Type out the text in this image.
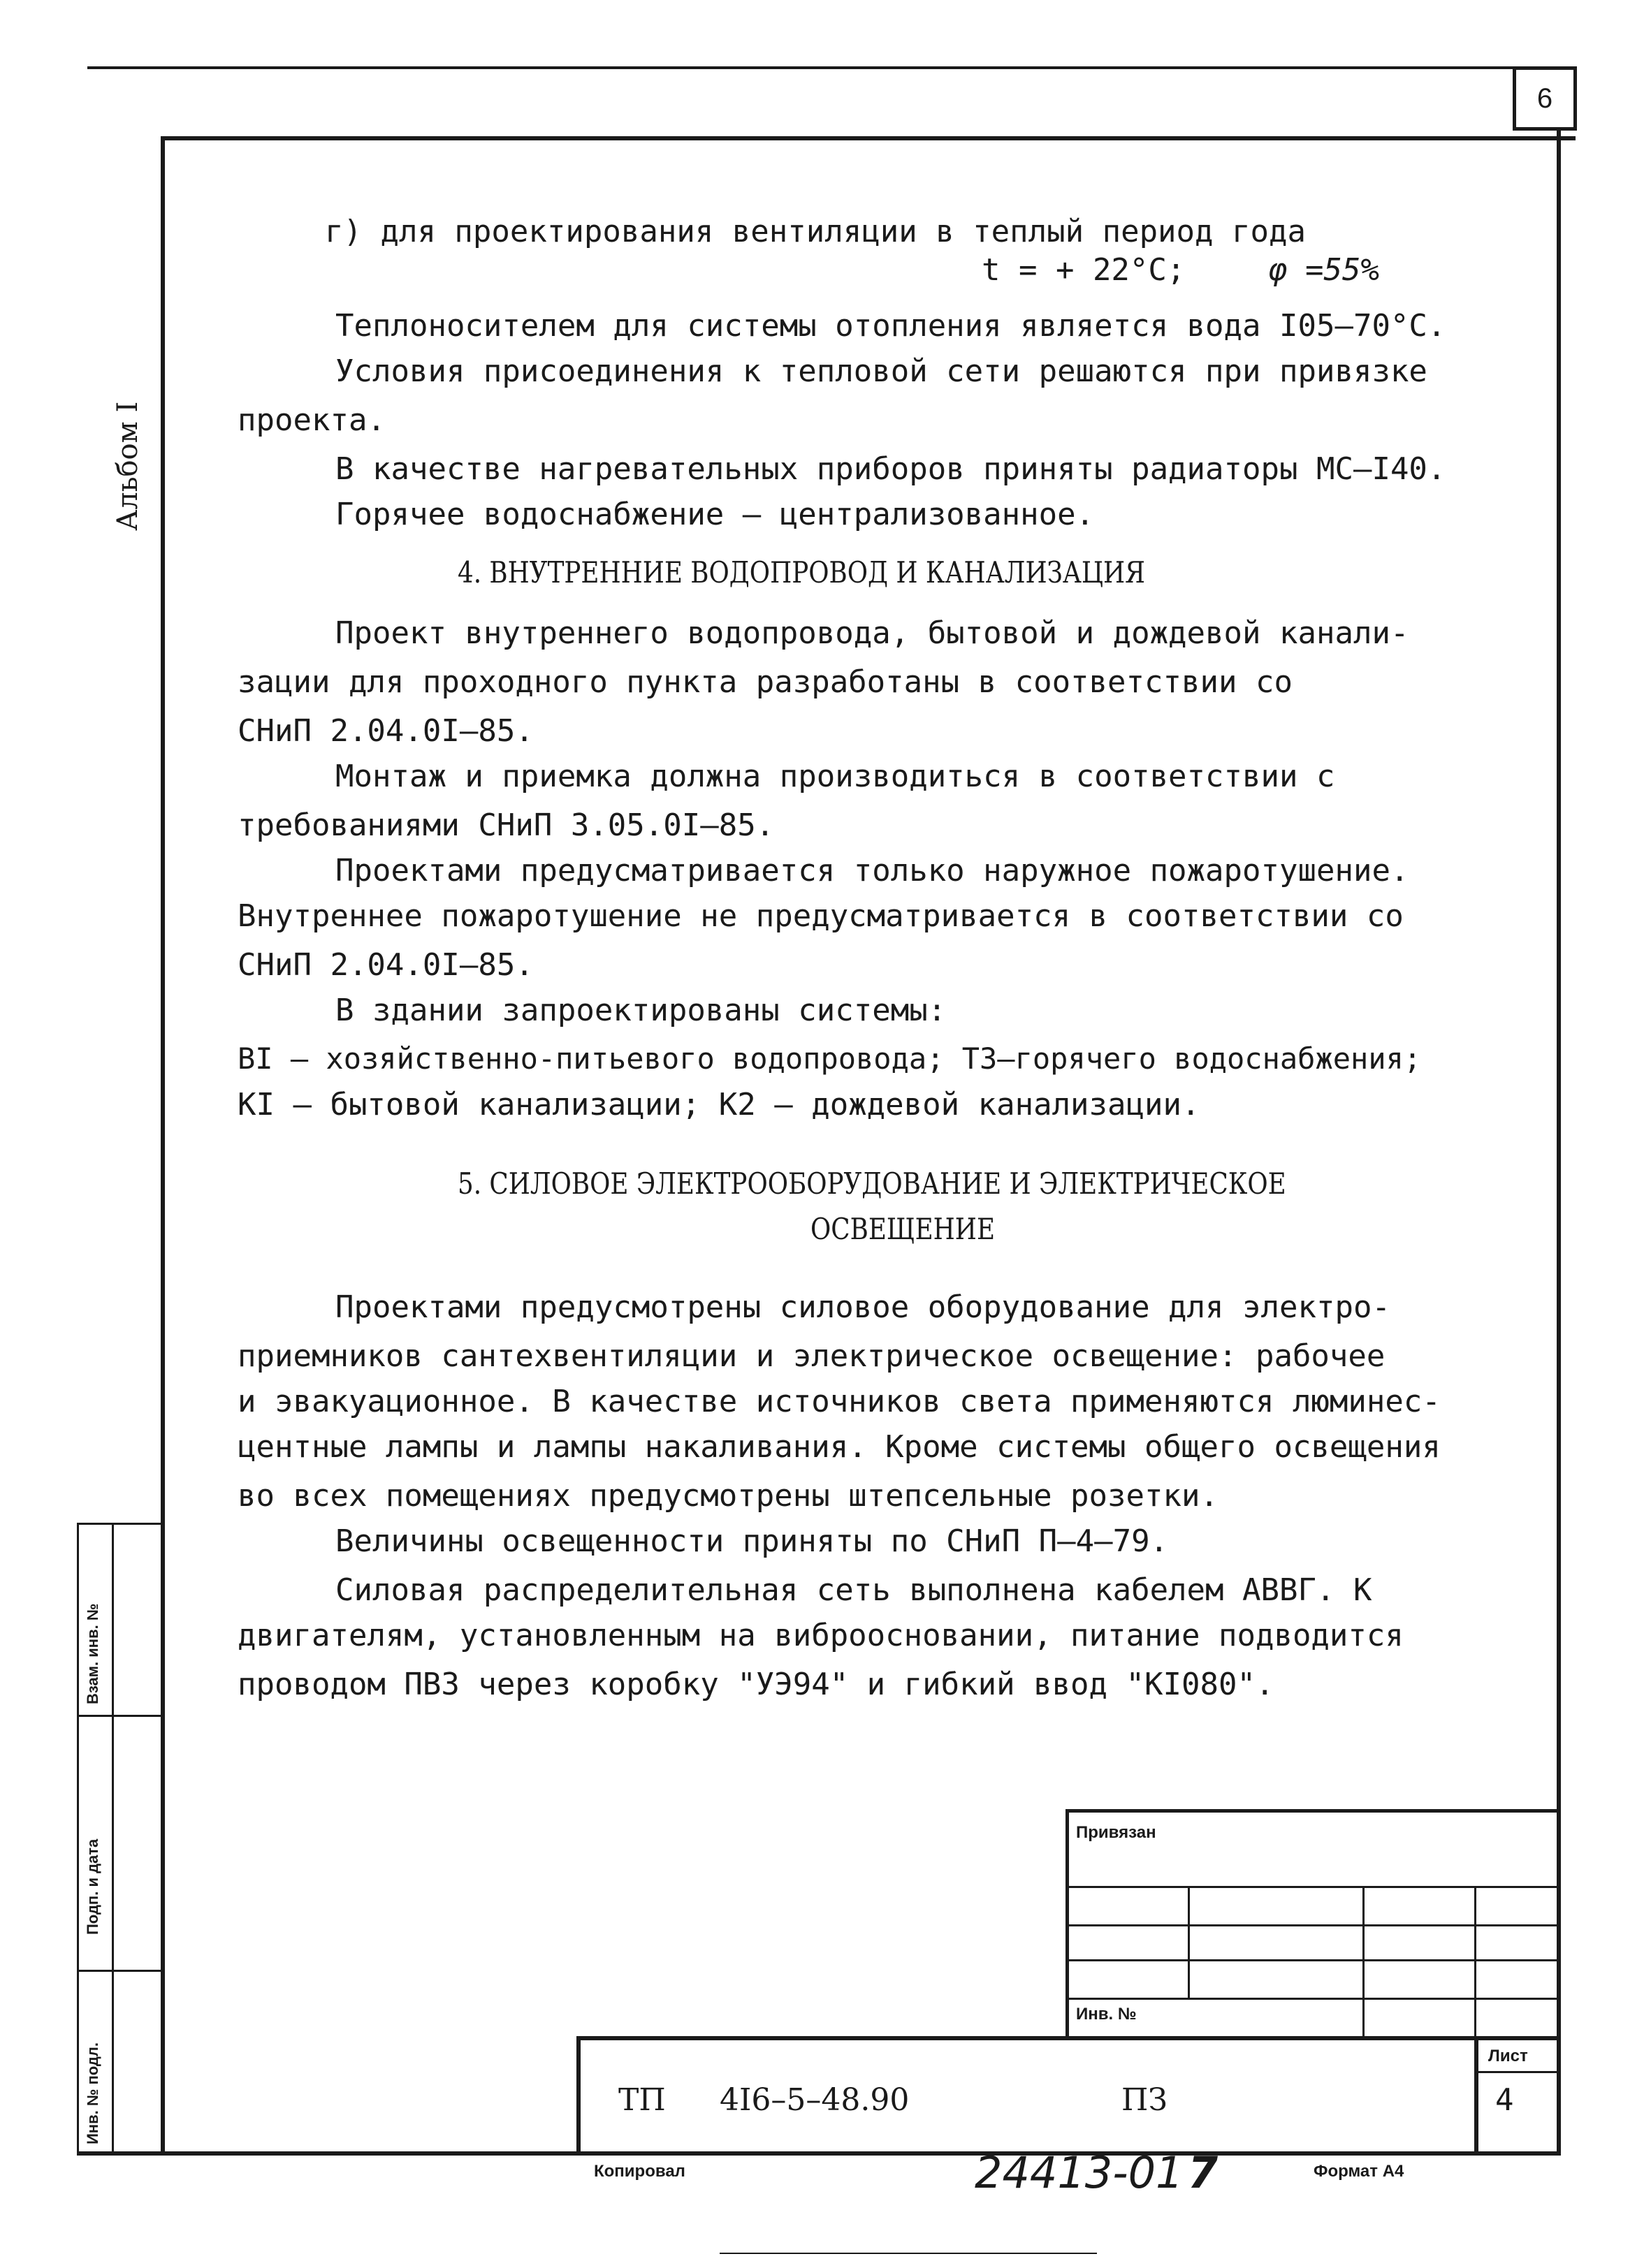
6
Альбом I
Взам. инв. №
Подп. и дата
Инв. № подл.
г) для проектирования вентиляции в теплый период года
t = + 22°C;	φ =55%
Теплоносителем для системы отопления является вода I05–70°C.
Условия присоединения к тепловой сети решаются при привязке
проекта.
В качестве нагревательных приборов приняты радиаторы МС–I40.
Горячее водоснабжение – централизованное.
4. ВНУТРЕННИЕ ВОДОПРОВОД И КАНАЛИЗАЦИЯ
Проект внутреннего водопровода, бытовой и дождевой канали-
зации для проходного пункта разработаны в соответствии со
СНиП 2.04.0I–85.
Монтаж и приемка должна производиться в соответствии с
требованиями СНиП 3.05.0I–85.
Проектами предусматривается только наружное пожаротушение.
Внутреннее пожаротушение не предусматривается в соответствии со
СНиП 2.04.0I–85.
В здании запроектированы системы:
BI – хозяйственно-питьевого водопровода; Т3–горячего водоснабжения;
КI – бытовой канализации; К2 – дождевой канализации.
5. СИЛОВОЕ ЭЛЕКТРООБОРУДОВАНИЕ И ЭЛЕКТРИЧЕСКОЕ
ОСВЕЩЕНИЕ
Проектами предусмотрены силовое оборудование для электро-
приемников сантехвентиляции и электрическое освещение: рабочее
и эвакуационное. В качестве источников света применяются люминес-
центные лампы и лампы накаливания. Кроме системы общего освещения
во всех помещениях предусмотрены штепсельные розетки.
Величины освещенности приняты по СНиП П–4–79.
Силовая распределительная сеть выполнена кабелем АВВГ. К
двигателям, установленным на виброосновании, питание подводится
проводом ПВ3 через коробку "УЭ94" и гибкий ввод "КI080".
Привязан
Инв. №
Лист
4
ТП 4I6–5–48.90	ПЗ
Копировал	24413-01 7	Формат А4
